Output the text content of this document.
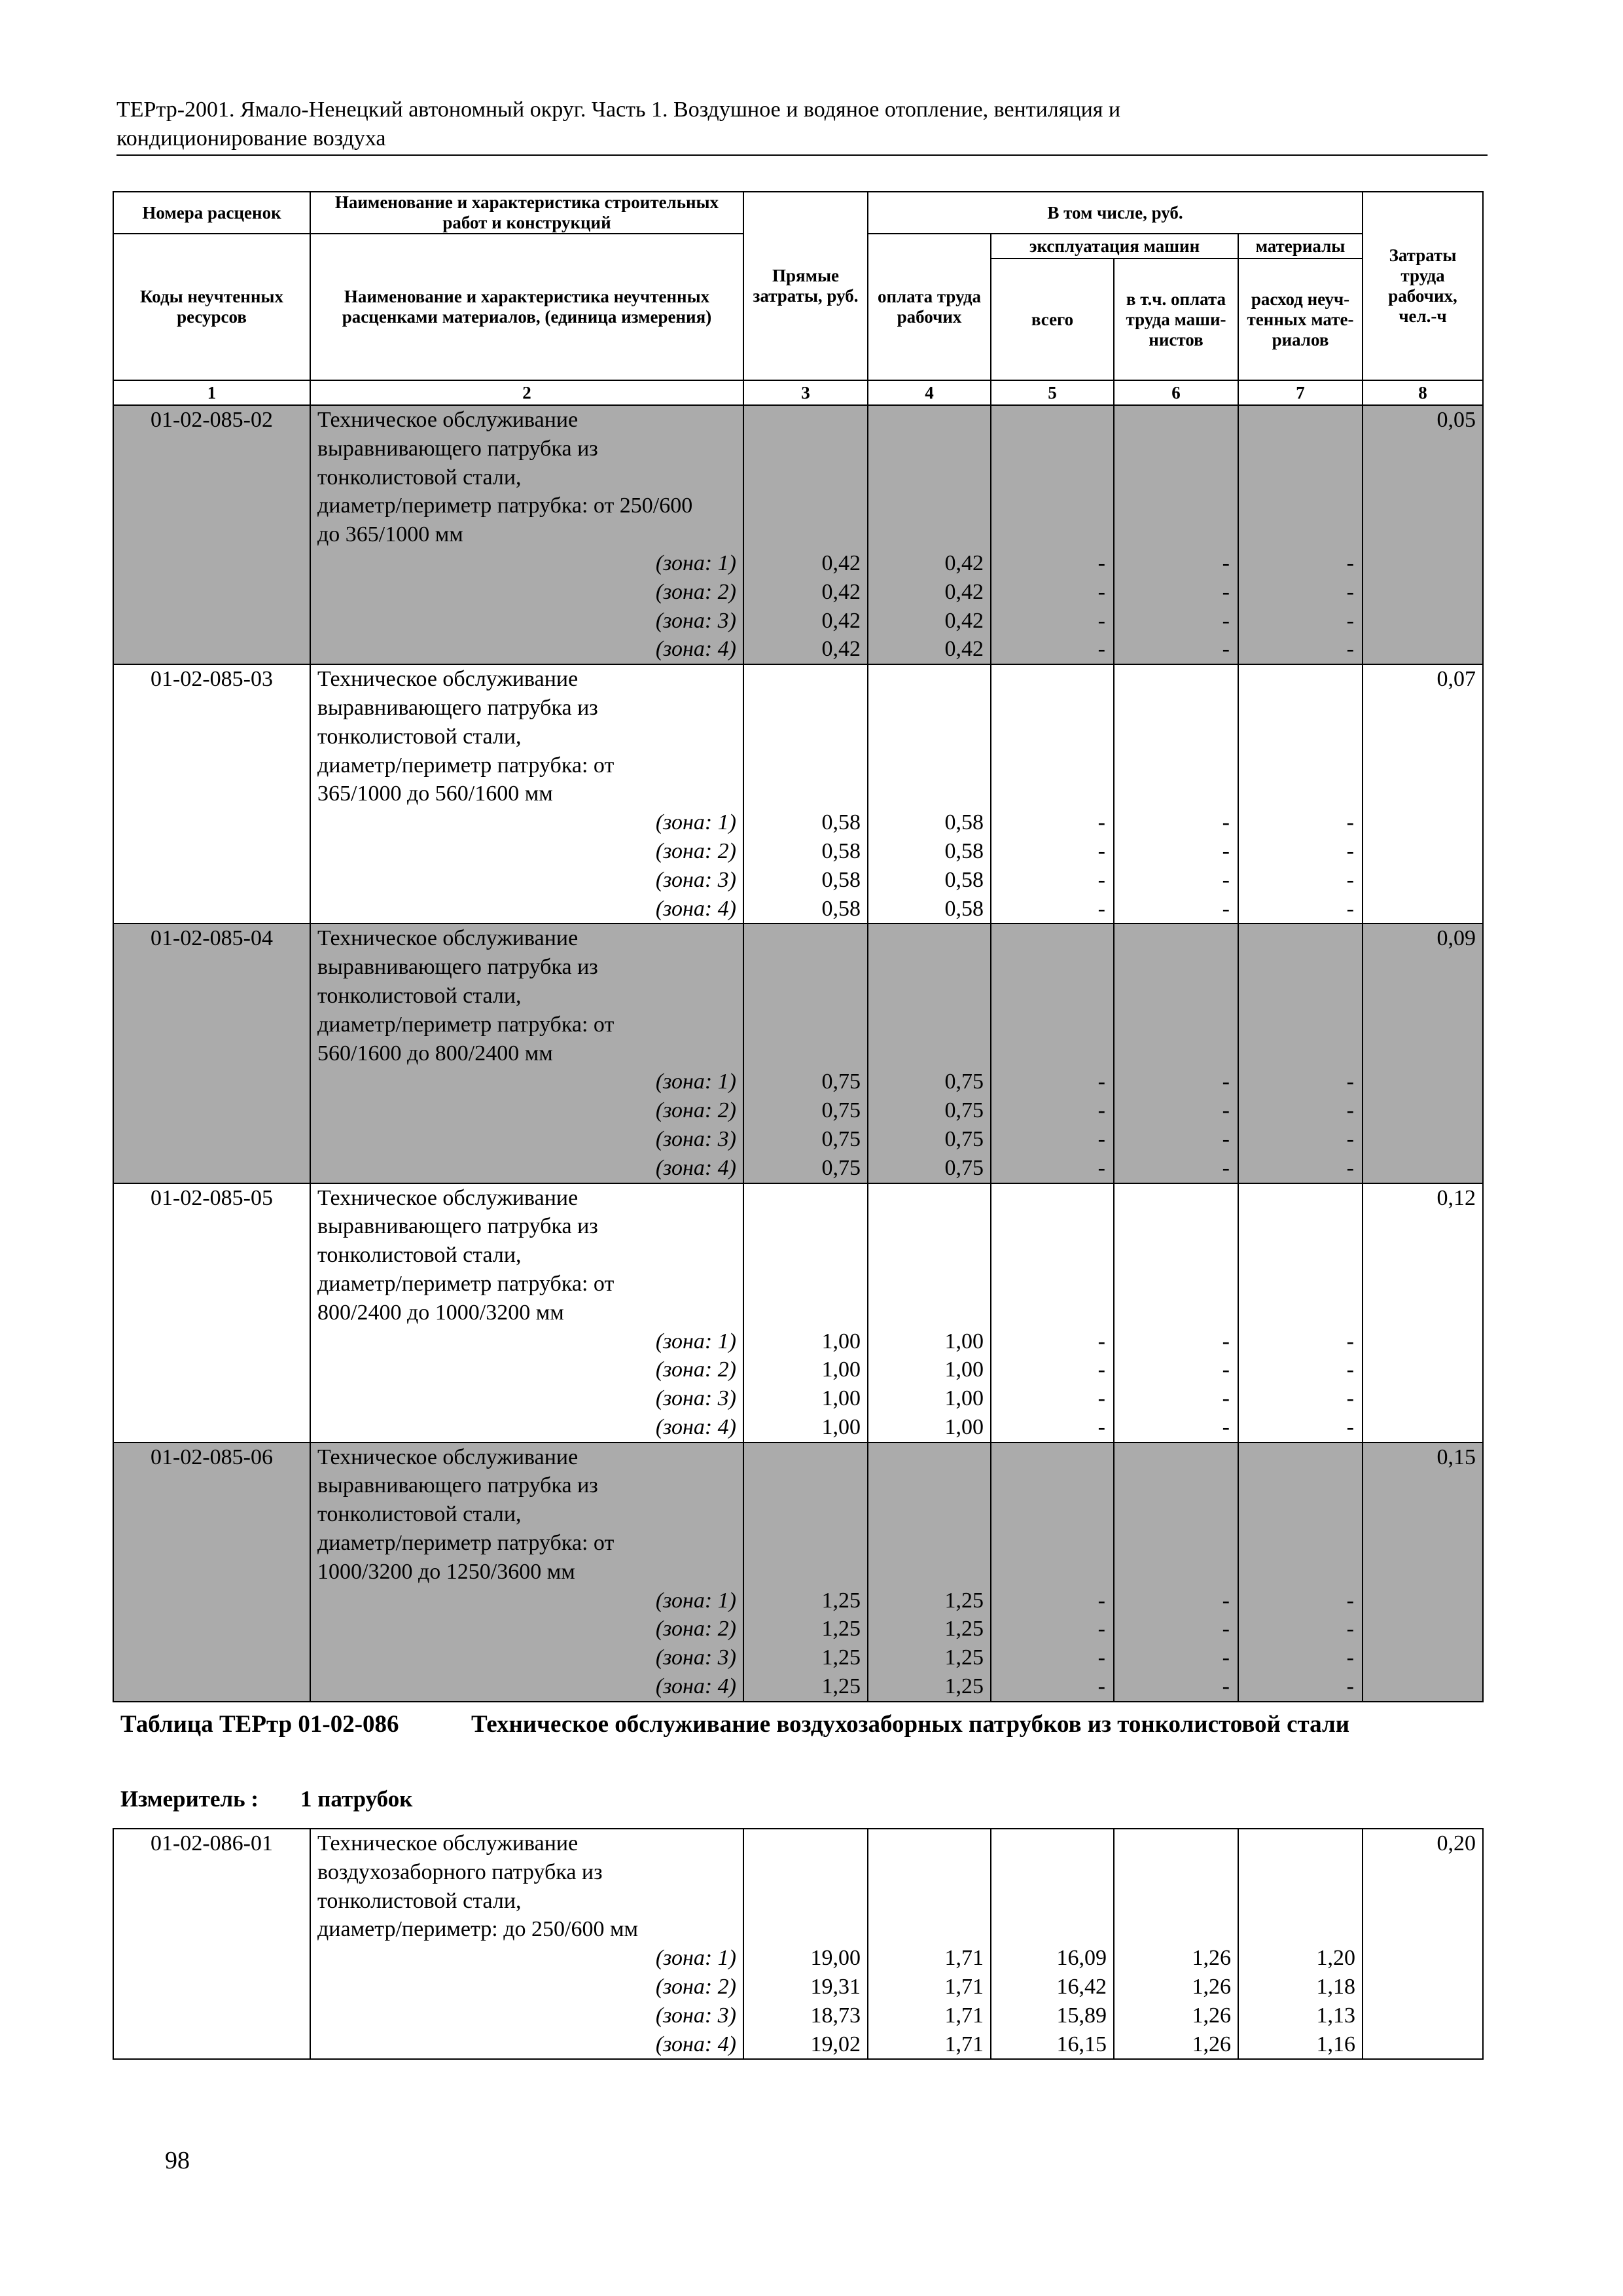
ТЕРтр-2001. Ямало-Ненецкий автономный округ. Часть 1. Воздушное и водяное отопление, вентиляция и
кондиционирование воздуха
Номера расценок	Наименование и характеристика строительных работ и конструкций	Прямые затраты, руб.	В том числе, руб.				Затраты труда рабочих, чел.-ч
Коды неучтенных ресурсов	Наименование и характеристика неучтенных расценками материалов, (единица измерения)		оплата труда рабочих	эксплуатация машин		материалы	
				всего	в т.ч. оплата труда маши-нистов	расход неуч-тенных мате-риалов	
1	2	3	4	5	6	7	8
01-02-085-02	Техническое обслуживание						0,05
	выравнивающего патрубка из						
	тонколистовой стали,						
	диаметр/периметр патрубка: от 250/600						
	до 365/1000 мм						

	(зона: 1)	0,42	0,42	-	-	-	

	(зона: 2)	0,42	0,42	-	-	-	

	(зона: 3)	0,42	0,42	-	-	-	

	(зона: 4)	0,42	0,42	-	-	-	
01-02-085-03	Техническое обслуживание						0,07
	выравнивающего патрубка из						
	тонколистовой стали,						
	диаметр/периметр патрубка: от						
	365/1000 до 560/1600 мм						

	(зона: 1)	0,58	0,58	-	-	-	

	(зона: 2)	0,58	0,58	-	-	-	

	(зона: 3)	0,58	0,58	-	-	-	

	(зона: 4)	0,58	0,58	-	-	-	
01-02-085-04	Техническое обслуживание						0,09
	выравнивающего патрубка из						
	тонколистовой стали,						
	диаметр/периметр патрубка: от						
	560/1600 до 800/2400 мм						

	(зона: 1)	0,75	0,75	-	-	-	

	(зона: 2)	0,75	0,75	-	-	-	

	(зона: 3)	0,75	0,75	-	-	-	

	(зона: 4)	0,75	0,75	-	-	-	
01-02-085-05	Техническое обслуживание						0,12
	выравнивающего патрубка из						
	тонколистовой стали,						
	диаметр/периметр патрубка: от						
	800/2400 до 1000/3200 мм						

	(зона: 1)	1,00	1,00	-	-	-	

	(зона: 2)	1,00	1,00	-	-	-	

	(зона: 3)	1,00	1,00	-	-	-	

	(зона: 4)	1,00	1,00	-	-	-	
01-02-085-06	Техническое обслуживание						0,15
	выравнивающего патрубка из						
	тонколистовой стали,						
	диаметр/периметр патрубка: от						
	1000/3200 до 1250/3600 мм						

	(зона: 1)	1,25	1,25	-	-	-	

	(зона: 2)	1,25	1,25	-	-	-	

	(зона: 3)	1,25	1,25	-	-	-	

	(зона: 4)	1,25	1,25	-	-	-	
Таблица ТЕРтр 01-02-086	Техническое обслуживание воздухозаборных патрубков из тонколистовой стали
Измеритель : 1 патрубок
01-02-086-01	Техническое обслуживание						0,20
	воздухозаборного патрубка из						
	тонколистовой стали,						
	диаметр/периметр: до 250/600 мм						

	(зона: 1)	19,00	1,71	16,09	1,26	1,20	

	(зона: 2)	19,31	1,71	16,42	1,26	1,18	

	(зона: 3)	18,73	1,71	15,89	1,26	1,13	

	(зона: 4)	19,02	1,71	16,15	1,26	1,16	
98
